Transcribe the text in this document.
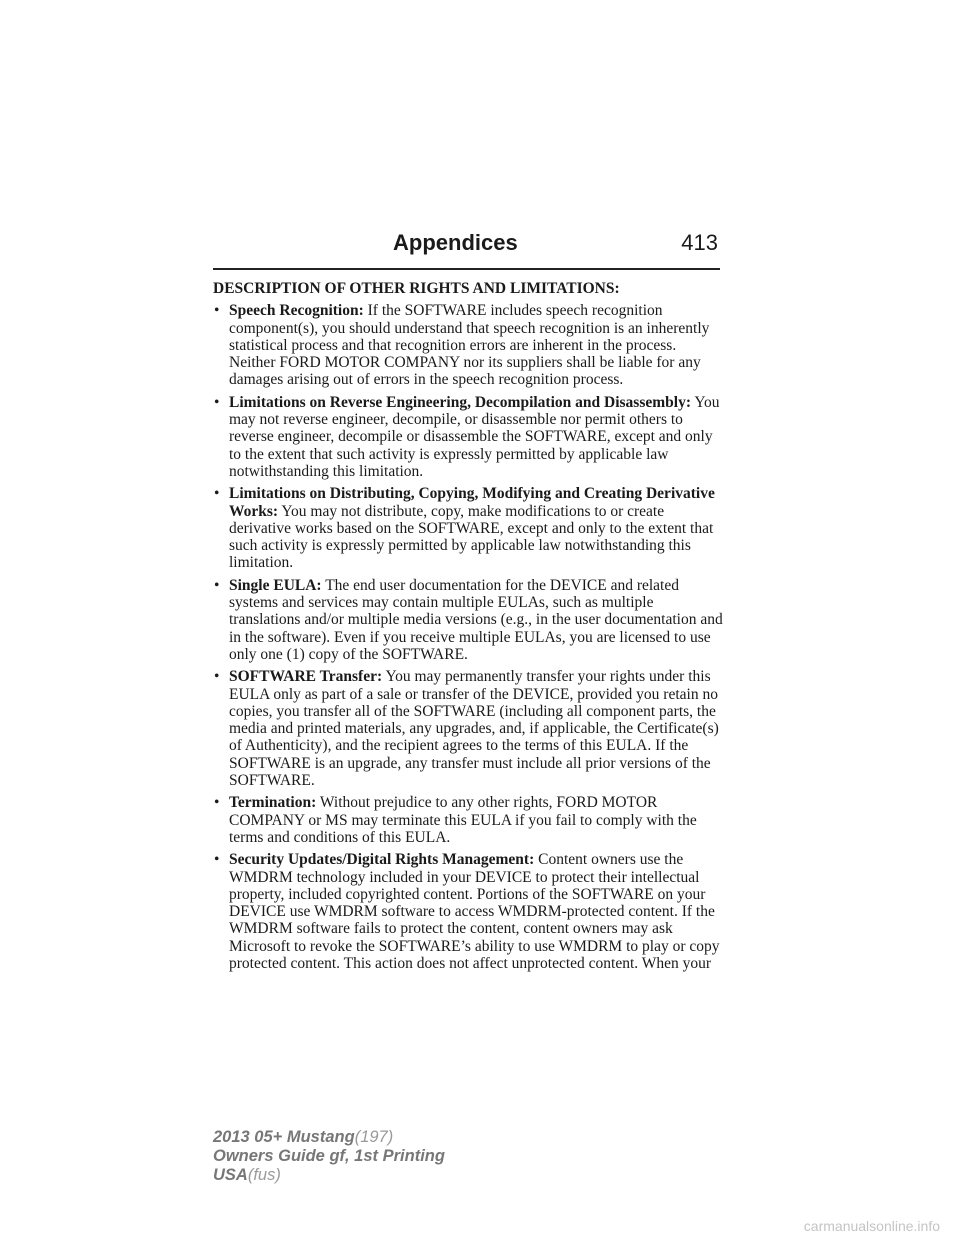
Appendices	413
DESCRIPTION OF OTHER RIGHTS AND LIMITATIONS:
• Speech Recognition: If the SOFTWARE includes speech recognition component(s), you should understand that speech recognition is an inherently statistical process and that recognition errors are inherent in the process. Neither FORD MOTOR COMPANY nor its suppliers shall be liable for any damages arising out of errors in the speech recognition process.
• Limitations on Reverse Engineering, Decompilation and Disassembly: You may not reverse engineer, decompile, or disassemble nor permit others to reverse engineer, decompile or disassemble the SOFTWARE, except and only to the extent that such activity is expressly permitted by applicable law notwithstanding this limitation.
• Limitations on Distributing, Copying, Modifying and Creating Derivative Works: You may not distribute, copy, make modifications to or create derivative works based on the SOFTWARE, except and only to the extent that such activity is expressly permitted by applicable law notwithstanding this limitation.
• Single EULA: The end user documentation for the DEVICE and related systems and services may contain multiple EULAs, such as multiple translations and/or multiple media versions (e.g., in the user documentation and in the software). Even if you receive multiple EULAs, you are licensed to use only one (1) copy of the SOFTWARE.
• SOFTWARE Transfer: You may permanently transfer your rights under this EULA only as part of a sale or transfer of the DEVICE, provided you retain no copies, you transfer all of the SOFTWARE (including all component parts, the media and printed materials, any upgrades, and, if applicable, the Certificate(s) of Authenticity), and the recipient agrees to the terms of this EULA. If the SOFTWARE is an upgrade, any transfer must include all prior versions of the SOFTWARE.
• Termination: Without prejudice to any other rights, FORD MOTOR COMPANY or MS may terminate this EULA if you fail to comply with the terms and conditions of this EULA.
• Security Updates/Digital Rights Management: Content owners use the WMDRM technology included in your DEVICE to protect their intellectual property, included copyrighted content. Portions of the SOFTWARE on your DEVICE use WMDRM software to access WMDRM-protected content. If the WMDRM software fails to protect the content, content owners may ask Microsoft to revoke the SOFTWARE’s ability to use WMDRM to play or copy protected content. This action does not affect unprotected content. When your
2013 05+ Mustang(197)
Owners Guide gf, 1st Printing
USA(fus)
carmanualsonline.info
